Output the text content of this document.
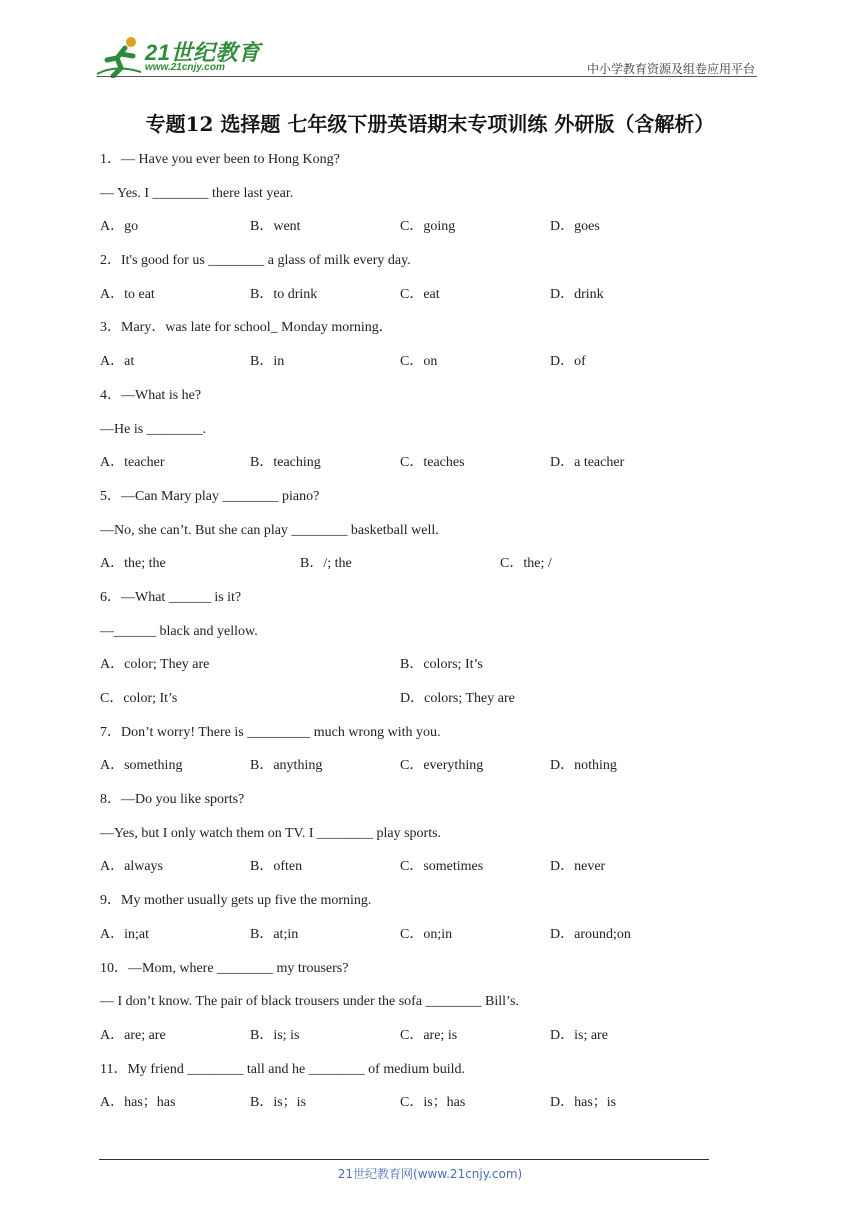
21世纪教育
www.21cnjy.com	中小学教育资源及组卷应用平台
专题12 选择题 七年级下册英语期末专项训练 外研版（含解析）
1．— Have you ever been to Hong Kong?
— Yes. I ________ there last year.
A．go	B．went	C．going	D．goes
2．It's good for us ________ a glass of milk every day.
A．to eat	B．to drink	C．eat	D．drink
3．Mary．was late for school_ Monday morning．
A．at	B．in	C．on	D．of
4．—What is he?
—He is ________.
A．teacher	B．teaching	C．teaches	D．a teacher
5．—Can Mary play ________ piano?
—No, she can’t. But she can play ________ basketball well.
A．the; the	B．/; the	C．the; /
6．—What ______ is it?
—______ black and yellow.
A．color; They are	B．colors; It’s
C．color; It’s	D．colors; They are
7．Don’t worry! There is _________ much wrong with you.
A．something	B．anything	C．everything	D．nothing
8．—Do you like sports?
—Yes, but I only watch them on TV. I ________ play sports.
A．always	B．often	C．sometimes	D．never
9．My mother usually gets up five the morning.
A．in;at	B．at;in	C．on;in	D．around;on
10．—Mom, where ________ my trousers?
— I don’t know. The pair of black trousers under the sofa ________ Bill’s.
A．are; are	B．is; is	C．are; is	D．is; are
11．My friend ________ tall and he ________ of medium build.
A．has；has	B．is；is	C．is；has	D．has；is
21世纪教育网(www.21cnjy.com)
